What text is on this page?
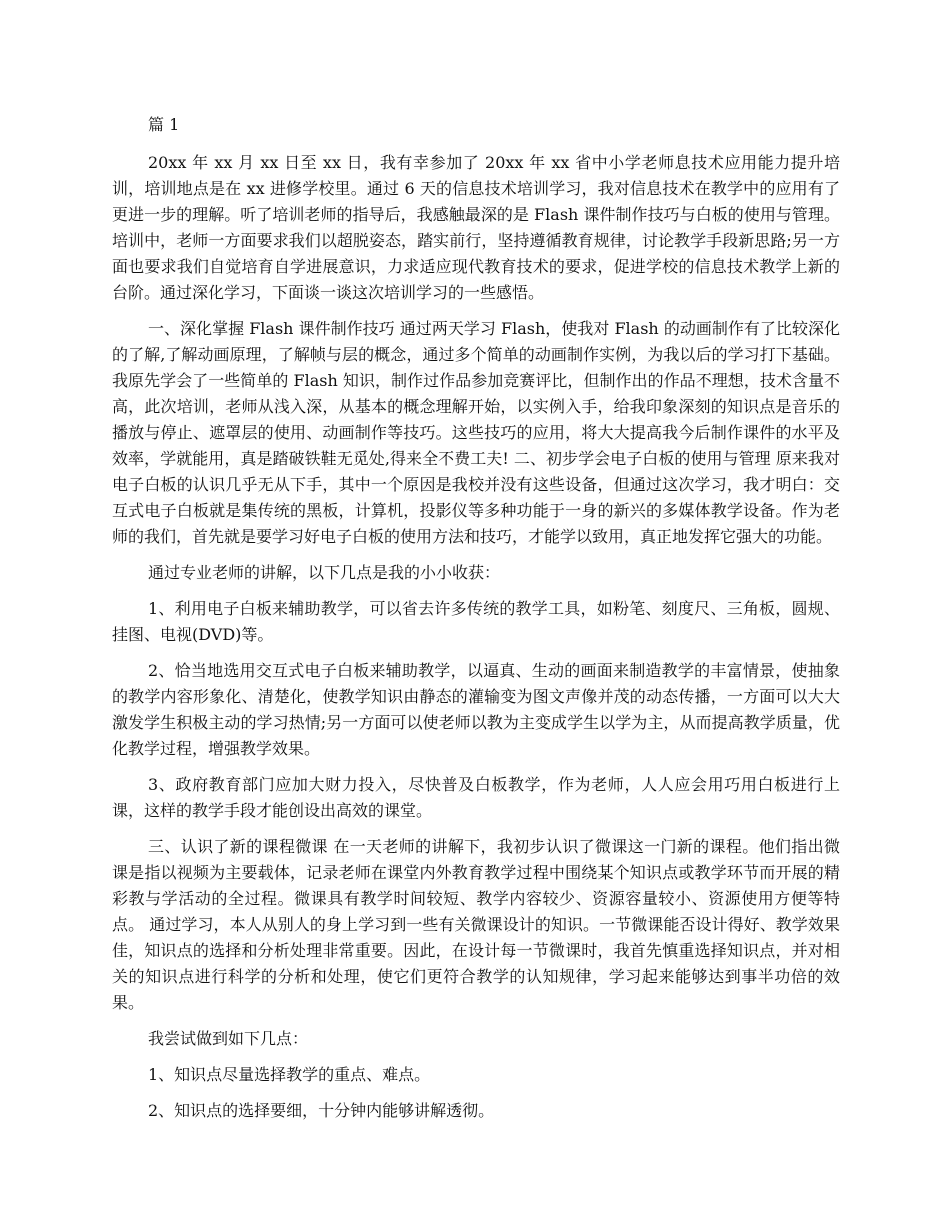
篇 1

20xx 年 xx 月 xx 日至 xx 日，我有幸参加了 20xx 年 xx 省中小学老师息技术应用能力提升培训，培训地点是在 xx 进修学校里。通过 6 天的信息技术培训学习，我对信息技术在教学中的应用有了更进一步的理解。听了培训老师的指导后，我感触最深的是 Flash 课件制作技巧与白板的使用与管理。培训中，老师一方面要求我们以超脱姿态，踏实前行，坚持遵循教育规律，讨论教学手段新思路;另一方面也要求我们自觉培育自学进展意识，力求适应现代教育技术的要求，促进学校的信息技术教学上新的台阶。通过深化学习，下面谈一谈这次培训学习的一些感悟。

一、深化掌握 Flash 课件制作技巧 通过两天学习 Flash，使我对 Flash 的动画制作有了比较深化的了解,了解动画原理，了解帧与层的概念，通过多个简单的动画制作实例，为我以后的学习打下基础。 我原先学会了一些简单的 Flash 知识，制作过作品参加竞赛评比，但制作出的作品不理想，技术含量不高，此次培训，老师从浅入深，从基本的概念理解开始，以实例入手，给我印象深刻的知识点是音乐的播放与停止、遮罩层的使用、动画制作等技巧。这些技巧的应用，将大大提高我今后制作课件的水平及效率，学就能用，真是踏破铁鞋无觅处,得来全不费工夫! 二、初步学会电子白板的使用与管理 原来我对电子白板的认识几乎无从下手，其中一个原因是我校并没有这些设备，但通过这次学习，我才明白：交互式电子白板就是集传统的黑板，计算机，投影仪等多种功能于一身的新兴的多媒体教学设备。作为老师的我们，首先就是要学习好电子白板的使用方法和技巧，才能学以致用，真正地发挥它强大的功能。

通过专业老师的讲解，以下几点是我的小小收获：

1、利用电子白板来辅助教学，可以省去许多传统的教学工具，如粉笔、刻度尺、三角板，圆规、挂图、电视(DVD)等。

2、恰当地选用交互式电子白板来辅助教学，以逼真、生动的画面来制造教学的丰富情景，使抽象的教学内容形象化、清楚化，使教学知识由静态的灌输变为图文声像并茂的动态传播，一方面可以大大激发学生积极主动的学习热情;另一方面可以使老师以教为主变成学生以学为主，从而提高教学质量，优化教学过程，增强教学效果。

3、政府教育部门应加大财力投入，尽快普及白板教学，作为老师，人人应会用巧用白板进行上课，这样的教学手段才能创设出高效的课堂。

三、认识了新的课程微课 在一天老师的讲解下，我初步认识了微课这一门新的课程。他们指出微课是指以视频为主要载体，记录老师在课堂内外教育教学过程中围绕某个知识点或教学环节而开展的精彩教与学活动的全过程。微课具有教学时间较短、教学内容较少、资源容量较小、资源使用方便等特点。 通过学习，本人从别人的身上学习到一些有关微课设计的知识。一节微课能否设计得好、教学效果佳，知识点的选择和分析处理非常重要。因此，在设计每一节微课时，我首先慎重选择知识点，并对相关的知识点进行科学的分析和处理，使它们更符合教学的认知规律，学习起来能够达到事半功倍的效果。

我尝试做到如下几点：

1、知识点尽量选择教学的重点、难点。

2、知识点的选择要细，十分钟内能够讲解透彻。
